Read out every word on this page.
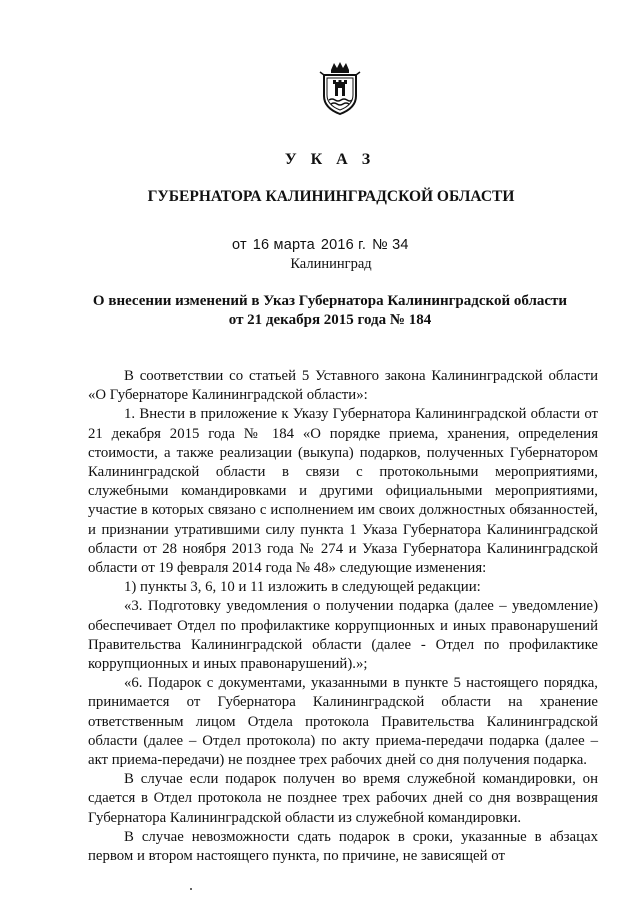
У К А З
ГУБЕРНАТОРА КАЛИНИНГРАДСКОЙ ОБЛАСТИ
от 16 марта 2016 г. № 34
Калининград
О внесении изменений в Указ Губернатора Калининградской области
от 21 декабря 2015 года № 184

В соответствии со статьей 5 Уставного закона Калининградской области «О Губернаторе Калининградской области»:

1. Внести в приложение к Указу Губернатора Калининградской области от 21 декабря 2015 года № 184 «О порядке приема, хранения, определения стоимости, а также реализации (выкупа) подарков, полученных Губернатором Калининградской области в связи с протокольными мероприятиями, служебными командировками и другими официальными мероприятиями, участие в которых связано с исполнением им своих должностных обязанностей, и признании утратившими силу пункта 1 Указа Губернатора Калининградской области от 28 ноября 2013 года № 274 и Указа Губернатора Калининградской области от 19 февраля 2014 года № 48» следующие изменения:

1) пункты 3, 6, 10 и 11 изложить в следующей редакции:

«3. Подготовку уведомления о получении подарка (далее – уведомление) обеспечивает Отдел по профилактике коррупционных и иных правонарушений Правительства Калининградской области (далее - Отдел по профилактике коррупционных и иных правонарушений).»;

«6. Подарок с документами, указанными в пункте 5 настоящего порядка, принимается от Губернатора Калининградской области на хранение ответственным лицом Отдела протокола Правительства Калининградской области (далее – Отдел протокола) по акту приема-передачи подарка (далее – акт приема-передачи) не позднее трех рабочих дней со дня получения подарка.

В случае если подарок получен во время служебной командировки, он сдается в Отдел протокола не позднее трех рабочих дней со дня возвращения Губернатора Калининградской области из служебной командировки.

В случае невозможности сдать подарок в сроки, указанные в абзацах первом и втором настоящего пункта, по причине, не зависящей от
